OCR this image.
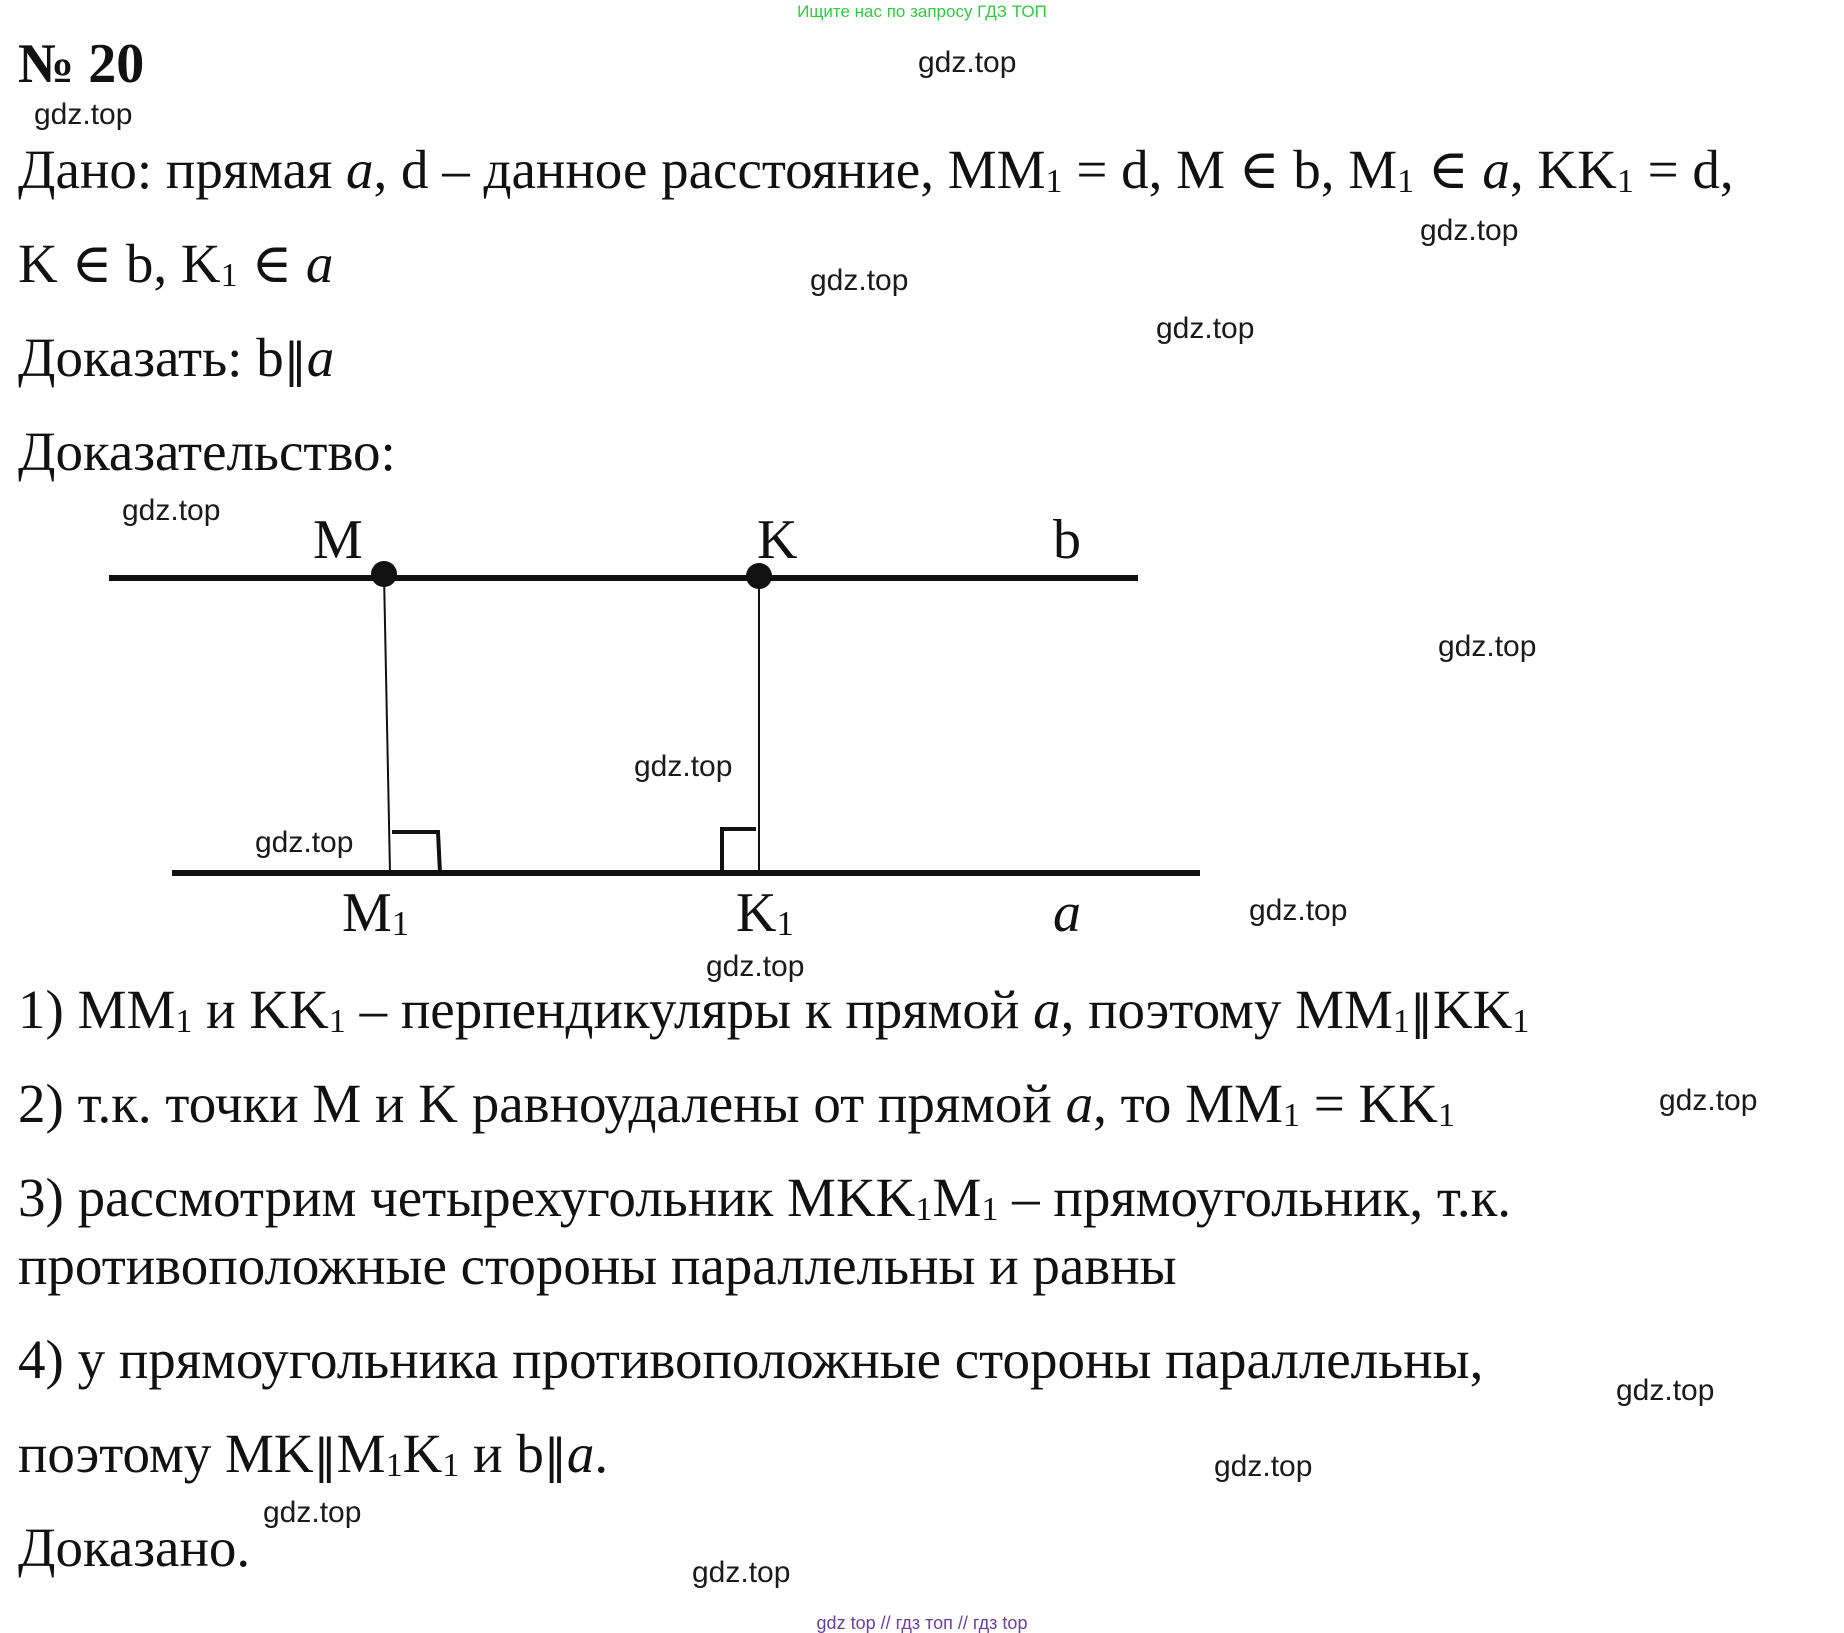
Ищите нас по запросу ГДЗ ТОП
№ 20
Дано: прямая a, d – данное расстояние, $MM_1 = d$, M ∈ b, $M_1$ ∈ a, $KK_1 = d$,
K ∈ b, $K_1$ ∈ a
Доказать: b‖a
Доказательство:
M	K	b
$M_1$	$K_1$	a
1) $MM_1$ и $KK_1$ – перпендикуляры к прямой a, поэтому $MM_1‖KK_1$
2) т.к. точки M и K равноудалены от прямой a, то $MM_1 = KK_1$
3) рассмотрим четырехугольник $MKK_1M_1$ – прямоугольник, т.к.
противоположные стороны параллельны и равны
4) у прямоугольника противоположные стороны параллельны,
поэтому $MK‖M_1K_1$ и b‖a.
Доказано.
gdz.top
gdz.top
gdz.top
gdz.top
gdz.top
gdz.top
gdz.top
gdz.top
gdz.top
gdz.top
gdz.top
gdz.top
gdz.top
gdz.top
gdz.top
gdz.top
gdz top // гдз топ // гдз top
